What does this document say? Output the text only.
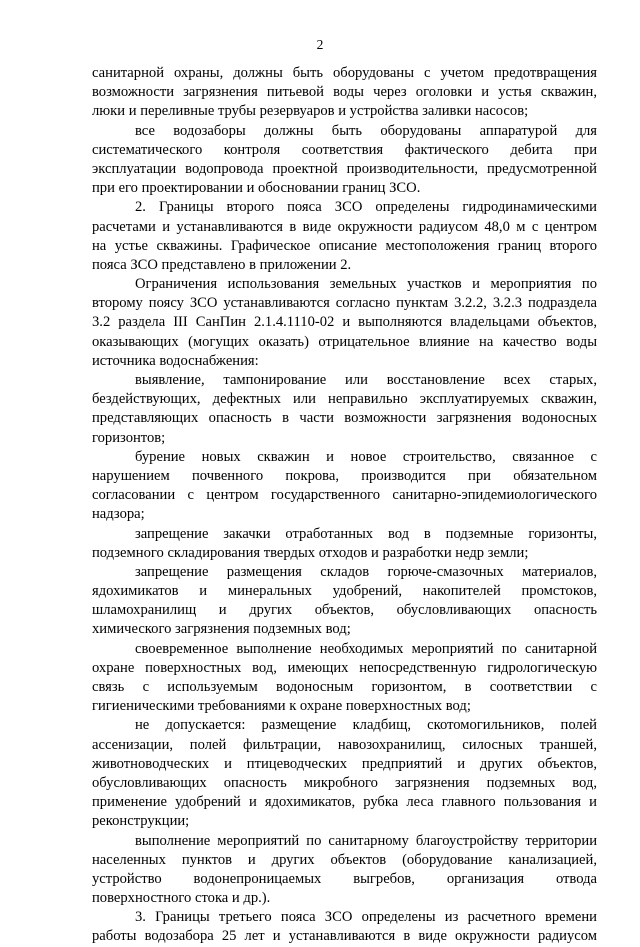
2
санитарной охраны, должны быть оборудованы с учетом предотвращения
возможности загрязнения питьевой воды через оголовки и устья скважин,
люки и переливные трубы резервуаров и устройства заливки насосов;
все водозаборы должны быть оборудованы аппаратурой для
систематического контроля соответствия фактического дебита при
эксплуатации водопровода проектной производительности, предусмотренной
при его проектировании и обосновании границ ЗСО.
2. Границы второго пояса ЗСО определены гидродинамическими
расчетами и устанавливаются в виде окружности радиусом 48,0 м с центром
на устье скважины. Графическое описание местоположения границ второго
пояса ЗСО представлено в приложении 2.
Ограничения использования земельных участков и мероприятия по
второму поясу ЗСО устанавливаются согласно пунктам 3.2.2, 3.2.3 подраздела
3.2 раздела III СанПин 2.1.4.1110-02 и выполняются владельцами объектов,
оказывающих (могущих оказать) отрицательное влияние на качество воды
источника водоснабжения:
выявление, тампонирование или восстановление всех старых,
бездействующих, дефектных или неправильно эксплуатируемых скважин,
представляющих опасность в части возможности загрязнения водоносных
горизонтов;
бурение новых скважин и новое строительство, связанное с
нарушением почвенного покрова, производится при обязательном
согласовании с центром государственного санитарно-эпидемиологического
надзора;
запрещение закачки отработанных вод в подземные горизонты,
подземного складирования твердых отходов и разработки недр земли;
запрещение размещения складов горюче-смазочных материалов,
ядохимикатов и минеральных удобрений, накопителей промстоков,
шламохранилищ и других объектов, обусловливающих опасность
химического загрязнения подземных вод;
своевременное выполнение необходимых мероприятий по санитарной
охране поверхностных вод, имеющих непосредственную гидрологическую
связь с используемым водоносным горизонтом, в соответствии с
гигиеническими требованиями к охране поверхностных вод;
не допускается: размещение кладбищ, скотомогильников, полей
ассенизации, полей фильтрации, навозохранилищ, силосных траншей,
животноводческих и птицеводческих предприятий и других объектов,
обусловливающих опасность микробного загрязнения подземных вод,
применение удобрений и ядохимикатов, рубка леса главного пользования и
реконструкции;
выполнение мероприятий по санитарному благоустройству территории
населенных пунктов и других объектов (оборудование канализацией,
устройство водонепроницаемых выгребов, организация отвода
поверхностного стока и др.).
3. Границы третьего пояса ЗСО определены из расчетного времени
работы водозабора 25 лет и устанавливаются в виде окружности радиусом
